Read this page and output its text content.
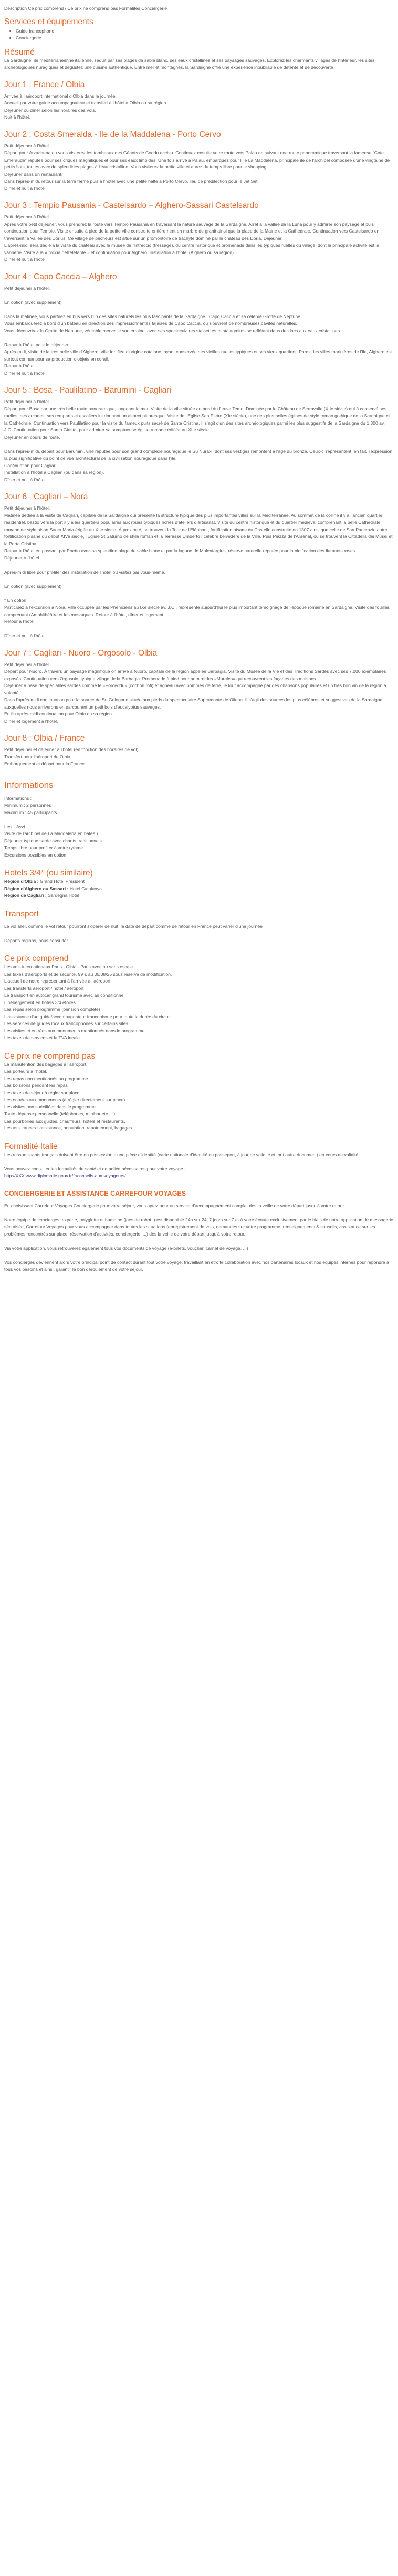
Description Ce prix comprend / Ce prix ne comprend pas Formalités Conciergerie

Services et équipements
• Guide francophone
• Conciergerie
Résumé

La Sardaigne, île méditerranéenne italienne, séduit par ses plages de sable blanc, ses eaux cristallines et ses paysages sauvages. Explorez les charmants villages de l'intérieur, les sites archéologiques nuragiques et dégustez une cuisine authentique. Entre mer et montagnes, la Sardaigne offre une expérience inoubliable de détente et de découverte

Jour 1 : France / Olbia

Arrivée à l'aéroport international d'Olbia dans la journée.

Accueil par votre guide accompagnateur et transfert à l'hôtel à Olbia ou sa région.

Déjeuner ou dîner selon les horaires des vols.

Nuit à l'hôtel.

Jour 2 : Costa Smeralda - Ile de la Maddalena - Porto Cervo

Petit déjeuner à l'hôtel.

Départ pour Arzachena ou vous visiterez les tombeaux des Géants de Coddu ecchju. Continuez ensuite votre route vers Palau en suivant une route panoramique traversant la fameuse "Cote Emeraude" réputée pour ses criques magnifiques et pour ses eaux limpides. Une fois arrivé à Palau, embarquez pour l'île La Maddalena, principale île de l'archipel composée d'une vingtaine de petits îlots, toutes avec de splendides plages à l'eau cristalline. Vous visiterez la petite ville et aurez du temps libre pour le shopping.

Déjeuner dans un restaurant.

Dans l'après-midi, retour sur la terre ferme puis à l'hôtel avec une petite halte à Porto Cervo, lieu de prédilection pour le Jet Set.

Dîner et nuit à l'hôtel.

Jour 3 : Tempio Pausania - Castelsardo – Alghero-Sassari Castelsardo

Petit déjeuner à l'hôtel.

Après votre petit déjeuner, vous prendrez la route vers Tempio Pausania en traversant la nature sauvage de la Sardaigne. Arrêt à la vallée de la Luna pour y admirer son paysage et puis continuation pour Tempio. Visite ensuite à pied de la petite ville construite entièrement en marbre de granit ainsi que la place de la Mairie et la Cathédrale. Continuation vers Castelsardo en traversant la Vallée des Dorius. Ce village de pêcheurs est situé sur un promontoire de trachyte dominé par le château des Doria. Déjeuner.

L'après-midi sera dédié à la visite du château avec le musée de l'Intreccio (tressage), du centre historique et promenade dans les typiques ruelles du village, dont la principale activité est la vannerie. Visite à la « roccia dell'elefante » et continuation pour Alghero. Installation à l'hôtel (Alghero ou sa région).

Dîner et nuit à l'hôtel.

Jour 4 : Capo Caccia – Alghero

Petit déjeuner à l'hôtel.

En option (avec supplément)

Dans la matinée, vous partirez en bus vers l'un des sites naturels les plus fascinants de la Sardaigne : Capo Caccia et sa célèbre Grotte de Neptune.

Vous embarquerez à bord d'un bateau en direction des impressionnantes falaises de Capo Caccia, ou s'ouvrent de nombreuses cavités naturelles.

Vous découvrirez la Grotte de Neptune, véritable merveille souterraine, avec ses spectaculaires stalactites et stalagmites se reflétant dans des lacs aux eaux cristallines.

Retour à l'hôtel pour le déjeuner.

Après-midi, visite de la très belle ville d'Alghero, ville fortifiée d'origine catalane, ayant conservée ses vieilles ruelles typiques et ses vieux quartiers. Parmi, les villes marinières de l'île, Alghero est surtout connue pour sa production d'objets en corail.

Retour à l'hôtel.

Dîner et nuit à l'hôtel.

Jour 5 : Bosa - Paulilatino - Barumini - Cagliari

Petit déjeuner à l'hôtel.

Départ pour Bosa par une très belle route panoramique, longeant la mer. Visite de la ville située au bord du fleuve Temo. Dominée par le Château de Serravalle (XIIe siècle) qui à conservé ses ruelles, ses arcades, ses remparts et escaliers lui donnant un aspect pittoresque. Visite de l'Eglise San Pietro (XIe siècle), une des plus belles églises de style roman gothique de la Sardaigne et la Cathédrale. Continuation vers Paulilatino pour la visite du fameux puits sacré de Santa Cristina. Il s'agit d'un des sites archéologiques parmi les plus suggestifs de la Sardaigne du 1.300 av. J.C. Continuation pour Santa Giusta, pour admirer sa somptueuse église romane édifiée au XIIe siècle.

Déjeuner en cours de route.

Dans l'après-midi, départ pour Barumini, ville réputée pour son grand complexe nouragique le Su Nuraxi, dont ses vestiges remontent à l'âge du bronze. Ceux-ci représentent, en fait, l'expression la plus significative du point de vue architectural de la civilisation nouragique dans l'île.

Continuation pour Cagliari.

Installation à l'hôtel à Cagliari (ou dans sa région).

Dîner et nuit à l'hôtel.

Jour 6 : Cagliari – Nora

Petit déjeuner à l'hôtel.

Matinée dédiée à la visite de Cagliari, capitale de la Sardaigne qui présente la structure typique des plus importantes villes sur la Méditerranée. Au sommet de la colline il y a l'ancien quartier résidentiel, bastio vers la port il y a les quartiers populaires aux roues typiques riches d'ateliers d'artisanat. Visite du centre historique et du quartier médiéval comprenant la belle Cathédrale romane de style pisan Santa Maria érigée au XIIe siècle. À proximité, se trouvent la Tour de l'Eléphant, fortification pisane du Castello construite en 1307 ainsi que celle de San Pancrazio autre fortification pisane du début XIVe siècle, l'Église St Saturno de style roman et la Terrasse Umberto I célèbre belvédère de la Ville. Puis Piazza de l'Arsenal, où se trouvent la Cittadella dei Musei et la Porta Cristina.

Retour à l'hôtel en passant par Poetto avec sa splendide plage de sable blanc et par la lagune de Molentargius, réserve naturelle réputée pour la nidification des flamants roses.

Déjeuner à l'hôtel.

Après-midi libre pour profiter des installation de l'hôtel ou visitez par vous-même.

En option (avec supplément)

* En option :

Participez à l'excursion à Nora. Ville occupée par les Phéniciens au IXe siècle av. J.C., représente aujourd'hui le plus important témoignage de l'époque romaine en Sardaigne. Visite des fouilles comprenant (Amphithéâtre et les mosaïques. Retour à l'hôtel, dîner et logement.

Retour à l'hôtel.

Dîner et nuit à l'hôtel.

Jour 7 : Cagliari - Nuoro - Orgosolo - Olbia

Petit déjeuner à l'hôtel.

Départ pour Nuoro. À travers un paysage magnifique on arrive à Nuoro, capitale de la région appelée Barbagia. Visite du Musée de la Vie et des Traditions Sardes avec ses 7.000 exemplaires exposés. Continuation vers Orgosolo, typique village de la Barbagia. Promenade à pied pour admirer les «Murales» qui recouvrent les façades des maisons.

Déjeuner à base de spécialités sardes comme le «Porceddu» (cochon rôti) et agneau avec pommes de terre, le tout accompagné par des chansons populaires et un très bon vin de la région à volonté.

Dans l'après-midi continuation pour la source de Su Gologone située aux pieds du spectaculaire Supramonte de Oliena. Il s'agit des sources les plus célèbres et suggestives de la Sardaigne auxquelles nous arriverons en parcourant un petit bois d'eucalyptus sauvages.

En fin après-midi continuation pour Olbia ou sa région.

Dîner et logement à l'hôtel.

Jour 8 : Olbia / France

Petit déjeuner et déjeuner à l'hôtel (en fonction des horaires de vol).

Transfert pour l'aéroport de Olbia.

Embarquement et départ pour la France

Informations

Informations :

Minimum : 2 personnes

Maximum : 45 participants

Les + Ayvi

Visite de l'archipel de La Maddalena en bateau

Déjeuner typique sarde avec chants traditionnels

Temps libre pour profiter à votre rythme

Excursions possibles en option

Hotels 3/4* (ou similaire)

Région d'Olbia : Grand Hotel President

Région d'Alghero ou Sassari : Hotel Catalunya

Région de Cagliari : Sardegna Hotel

Transport

Le vol aller, comme le vol retour pourront s'opérer de nuit, la date de départ comme de retour en France peut varier d'une journée

Départs régions, nous consulter

Ce prix comprend

Les vols internationaux Paris - Olbia - Paris avec ou sans escale.

Les taxes d'aéroports et de sécurité, 99 € au 05/08/25 sous réserve de modification.

L'accueil de notre représentant à l'arrivée à l'aéroport

Les transferts aéroport / hôtel / aéroport

Le transport en autocar grand tourisme avec air conditionné

L'hébergement en hôtels 3/4 étoiles

Les repas selon programme (pension complète)

L'assistance d'un guide/accompagnateur francophone pour toute la durée du circuit

Les services de guides locaux francophones sur certains sites.

Les visites et entrées aux monuments mentionnés dans le programme.

Les taxes de services et la TVA locale

Ce prix ne comprend pas

La manutention des bagages à l'aéroport.

Les porteurs à l'hôtel.

Les repas non mentionnés au programme

Les boissons pendant les repas

Les taxes de séjour à régler sur place

Les entrées aux monuments (à régler directement sur place).

Les visites non spécifiées dans le programme.

Toute dépense personnelle (téléphones, minibar etc.…).

Les pourboires aux guides, chauffeurs, hôtels et restaurants.

Les assurances : assistance, annulation, rapatriement, bagages

Formalité Italie

Les ressortissants français doivent être en possession d'une pièce d'identité (carte nationale d'identité ou passeport, à jour de validité et tout autre document) en cours de validité.

Vous pouvez consulter les formalités de santé et de police nécessaires pour votre voyage :

http://XXX.www.diplomatie.gouv.fr/fr/conseils-aux-voyageurs/

CONCIERGERIE ET ASSISTANCE CARREFOUR VOYAGES

En choisissant Carrefour Voyages Conciergerie pour votre séjour, vous optez pour un service d'accompagnement complet dès la veille de votre départ jusqu'à votre retour.

Notre équipe de concierges, experte, polyglotte et humaine (joes de robot !) est disponible 24h sur 24, 7 jours sur 7 et à votre écoute exclusivement par le biais de notre application de messagerie sécurisée, Carrefour Voyages pour vous accompagner dans toutes les situations (enregistrement de vols, demandes sur votre programme, renseignements & conseils, assistance sur les problèmes rencontrés sur place, réservation d'activités, conciergerie, ...) dès la veille de votre départ jusqu'à votre retour.

Via votre application, vous retrouverez également tous vos documents de voyage (e-billets, voucher, carnet de voyage, ...)

Vos concierges deviennent alors votre principal point de contact durant tout votre voyage, travaillant en étroite collaboration avec nos partenaires locaux et nos équipes internes pour répondre à tous vos besoins et ainsi, garantir le bon déroulement de votre séjour.
